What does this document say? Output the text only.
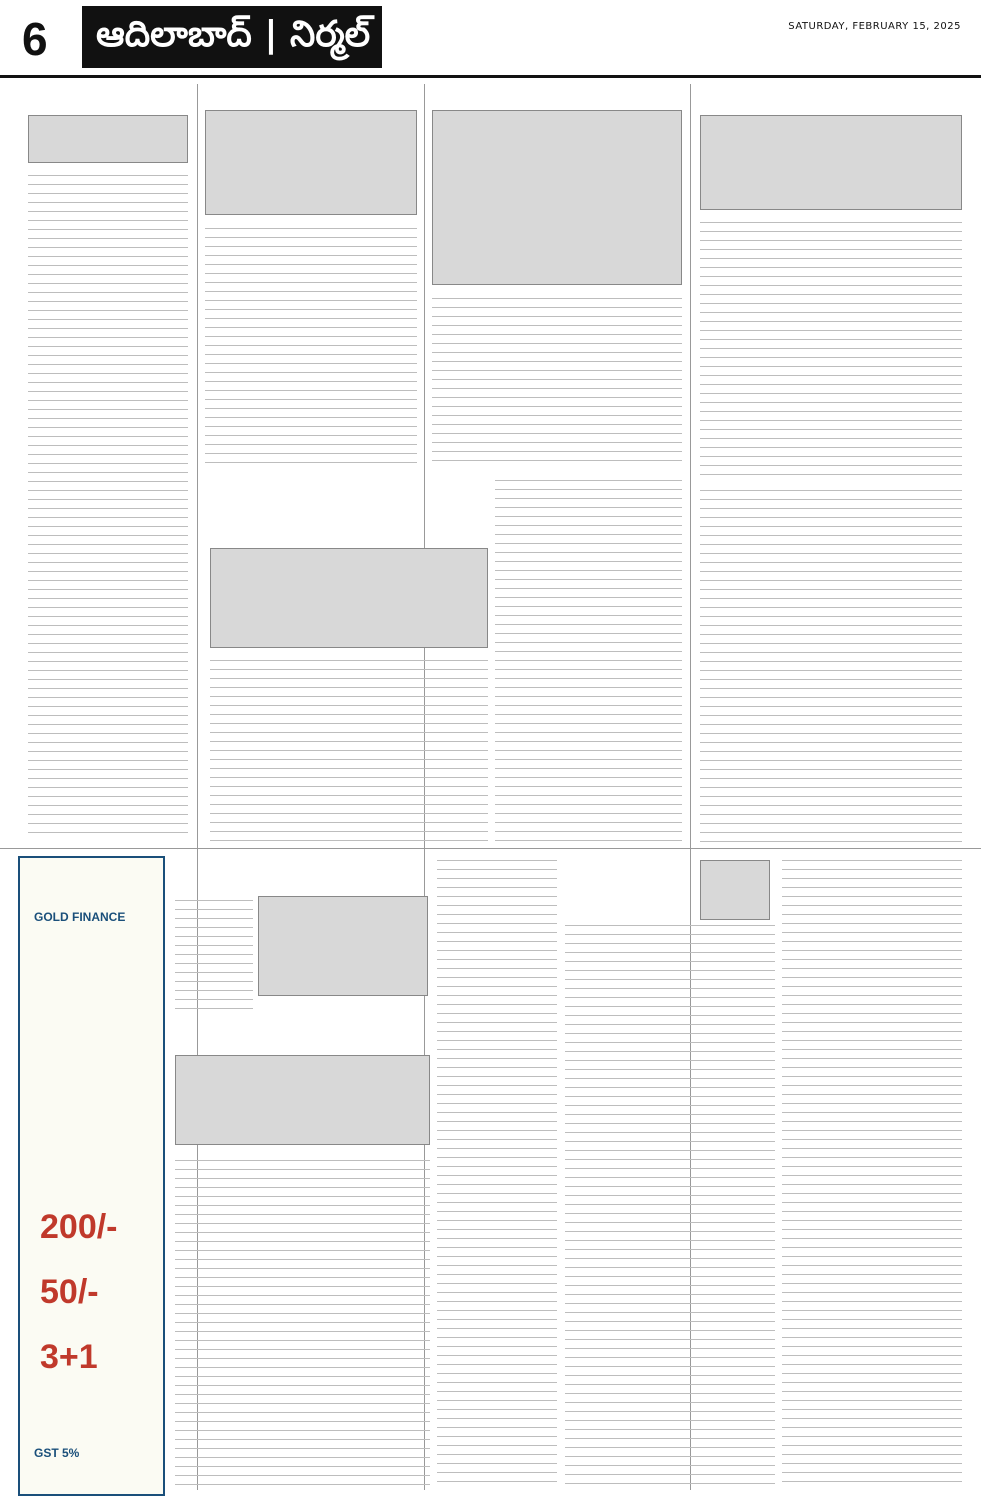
6	ఆదిలాబాద్ | నిర్మల్	SATURDAY, FEBRUARY 15, 2025

GOLD FINANCE
200/-
50/-
3+1
GST 5%
